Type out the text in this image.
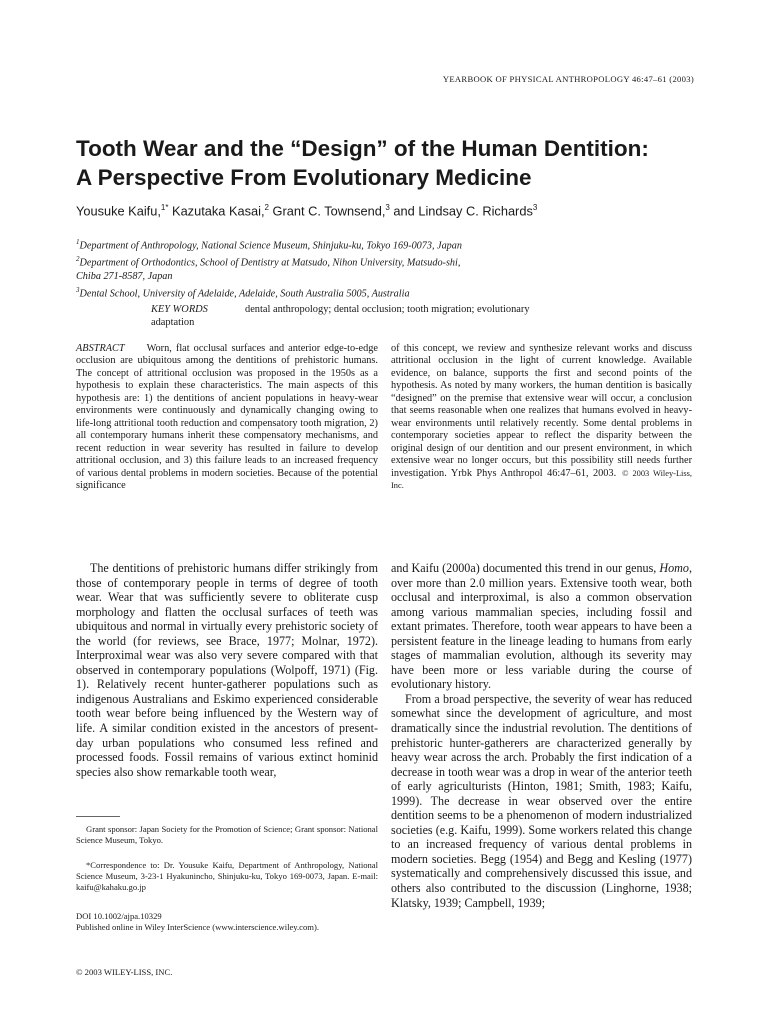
YEARBOOK OF PHYSICAL ANTHROPOLOGY 46:47–61 (2003)
Tooth Wear and the “Design” of the Human Dentition:
A Perspective From Evolutionary Medicine
Yousuke Kaifu,$^{1*}$ Kazutaka Kasai,$^2$ Grant C. Townsend,$^3$ and Lindsay C. Richards$^3$
$^1$Department of Anthropology, National Science Museum, Shinjuku-ku, Tokyo 169-0073, Japan
$^2$Department of Orthodontics, School of Dentistry at Matsudo, Nihon University, Matsudo-shi,
Chiba 271-8587, Japan
$^3$Dental School, University of Adelaide, Adelaide, South Australia 5005, Australia
KEY WORDS	dental anthropology; dental occlusion; tooth migration; evolutionary
adaptation
ABSTRACT Worn, flat occlusal surfaces and anterior edge-to-edge occlusion are ubiquitous among the dentitions of prehistoric humans. The concept of attritional occlusion was proposed in the 1950s as a hypothesis to explain these characteristics. The main aspects of this hypothesis are: 1) the dentitions of ancient populations in heavy-wear environments were continuously and dynamically changing owing to life-long attritional tooth reduction and compensatory tooth migration, 2) all contemporary humans inherit these compensatory mechanisms, and recent reduction in wear severity has resulted in failure to develop attritional occlusion, and 3) this failure leads to an increased frequency of various dental problems in modern societies. Because of the potential significance
of this concept, we review and synthesize relevant works and discuss attritional occlusion in the light of current knowledge. Available evidence, on balance, supports the first and second points of the hypothesis. As noted by many workers, the human dentition is basically “designed” on the premise that extensive wear will occur, a conclusion that seems reasonable when one realizes that humans evolved in heavy-wear environments until relatively recently. Some dental problems in contemporary societies appear to reflect the disparity between the original design of our dentition and our present environment, in which extensive wear no longer occurs, but this possibility still needs further investigation. Yrbk Phys Anthropol 46:47–61, 2003. © 2003 Wiley-Liss, Inc.

The dentitions of prehistoric humans differ strikingly from those of contemporary people in terms of degree of tooth wear. Wear that was sufficiently severe to obliterate cusp morphology and flatten the occlusal surfaces of teeth was ubiquitous and normal in virtually every prehistoric society of the world (for reviews, see Brace, 1977; Molnar, 1972). Interproximal wear was also very severe compared with that observed in contemporary populations (Wolpoff, 1971) (Fig. 1). Relatively recent hunter-gatherer populations such as indigenous Australians and Eskimo experienced considerable tooth wear before being influenced by the Western way of life. A similar condition existed in the ancestors of present-day urban populations who consumed less refined and processed foods. Fossil remains of various extinct hominid species also show remarkable tooth wear,

and Kaifu (2000a) documented this trend in our genus, Homo, over more than 2.0 million years. Extensive tooth wear, both occlusal and interproximal, is also a common observation among various mammalian species, including fossil and extant primates. Therefore, tooth wear appears to have been a persistent feature in the lineage leading to humans from early stages of mammalian evolution, although its severity may have been more or less variable during the course of evolutionary history.

From a broad perspective, the severity of wear has reduced somewhat since the development of agriculture, and most dramatically since the industrial revolution. The dentitions of prehistoric hunter-gatherers are characterized generally by heavy wear across the arch. Probably the first indication of a decrease in tooth wear was a drop in wear of the anterior teeth of early agriculturists (Hinton, 1981; Smith, 1983; Kaifu, 1999). The decrease in wear observed over the entire dentition seems to be a phenomenon of modern industrialized societies (e.g. Kaifu, 1999). Some workers related this change to an increased frequency of various dental problems in modern societies. Begg (1954) and Begg and Kesling (1977) systematically and comprehensively discussed this issue, and others also contributed to the discussion (Linghorne, 1938; Klatsky, 1939; Campbell, 1939;

Grant sponsor: Japan Society for the Promotion of Science; Grant sponsor: National Science Museum, Tokyo.
*Correspondence to: Dr. Yousuke Kaifu, Department of Anthropology, National Science Museum, 3-23-1 Hyakunincho, Shinjuku-ku, Tokyo 169-0073, Japan. E-mail: kaifu@kahaku.go.jp
DOI 10.1002/ajpa.10329
Published online in Wiley InterScience (www.interscience.wiley.com).
© 2003 WILEY-LISS, INC.
